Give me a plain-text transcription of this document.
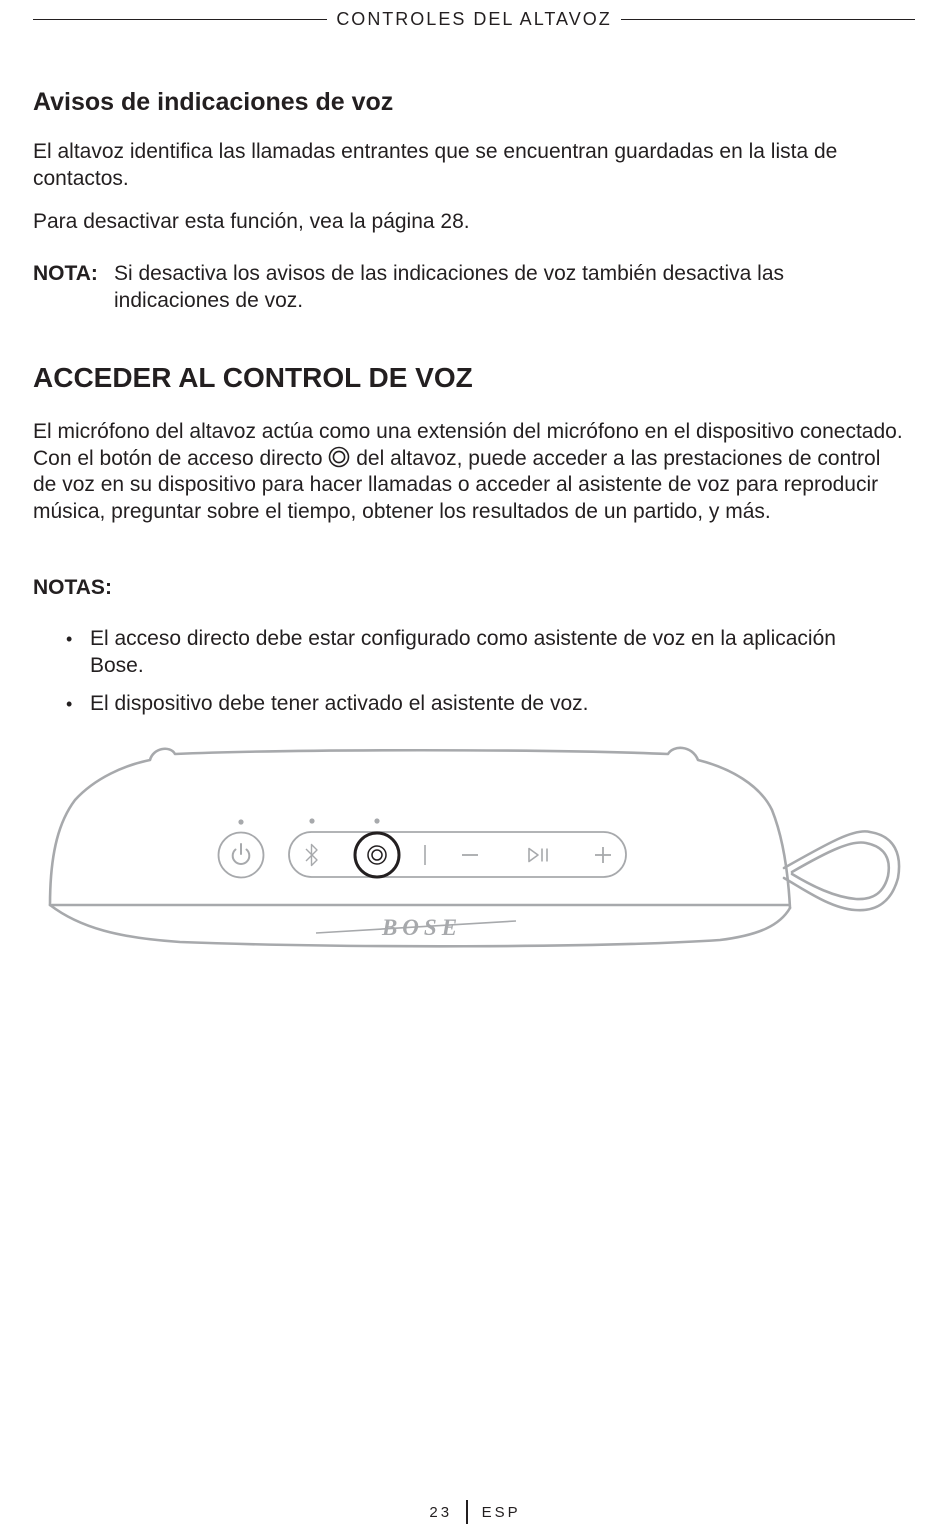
CONTROLES DEL ALTAVOZ
Avisos de indicaciones de voz

El altavoz identifica las llamadas entrantes que se encuentran guardadas en la lista de contactos.

Para desactivar esta función, vea la página 28.

NOTA: Si desactiva los avisos de las indicaciones de voz también desactiva las indicaciones de voz.
ACCEDER AL CONTROL DE VOZ

El micrófono del altavoz actúa como una extensión del micrófono en el dispositivo conectado. Con el botón de acceso directo del altavoz, puede acceder a las prestaciones de control de voz en su dispositivo para hacer llamadas o acceder al asistente de voz para reproducir música, preguntar sobre el tiempo, obtener los resultados de un partido, y más.

NOTAS:

• El acceso directo debe estar configurado como asistente de voz en la aplicación Bose.
• El dispositivo debe tener activado el asistente de voz.
BOSE
23 ESP
